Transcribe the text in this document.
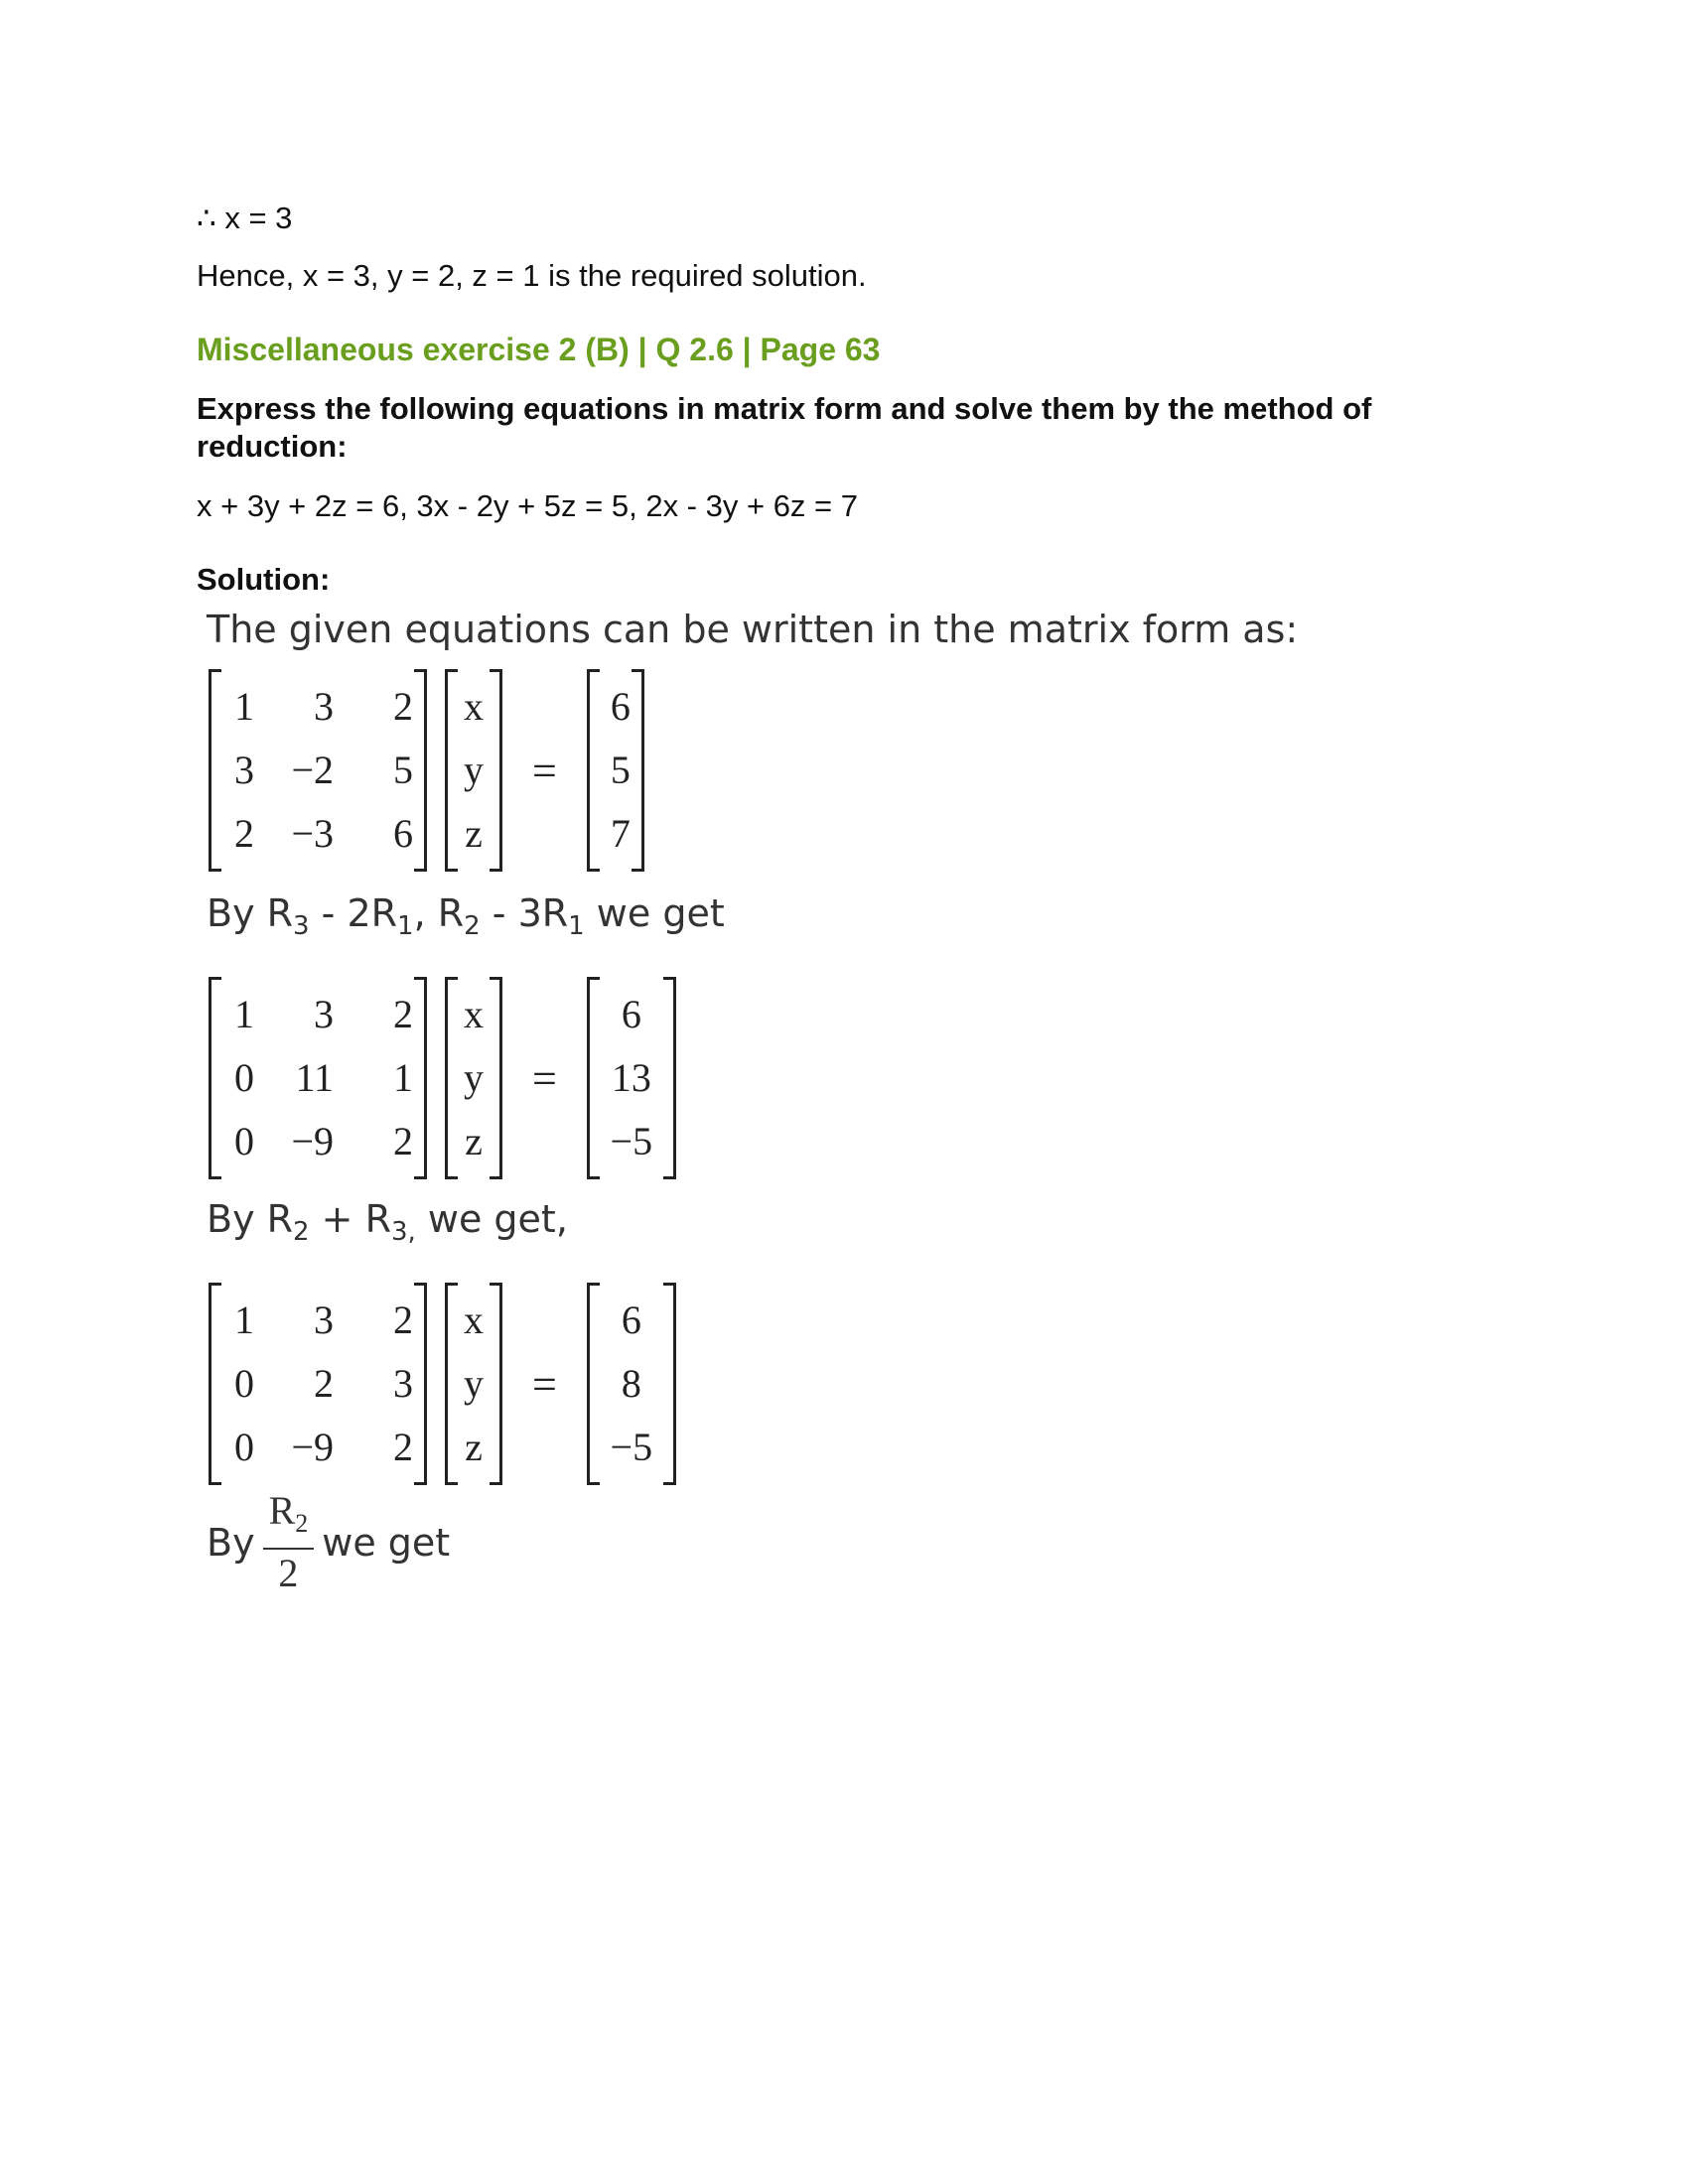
∴ x = 3
Hence, x = 3, y = 2, z = 1 is the required solution.
Miscellaneous exercise 2 (B) | Q 2.6 | Page 63
Express the following equations in matrix form and solve them by the method of reduction:
x + 3y + 2z = 6, 3x - 2y + 5z = 5, 2x - 3y + 6z = 7
Solution:
The given equations can be written in the matrix form as:
1
3
2
3
−2
−3
2
5
6
x
y
z
=
6
5
7
By $R_3 - 2R_1$, $R_2 - 3R_1$ we get
1
0
0
3
11
−9
2
1
2
x
y
z
=
6
13
−5
By $R_2 + R_{3,}$ we get,
1
0
0
3
2
−9
2
3
2
x
y
z
=
6
8
−5
By $\frac{R_2}{2}$ we get
